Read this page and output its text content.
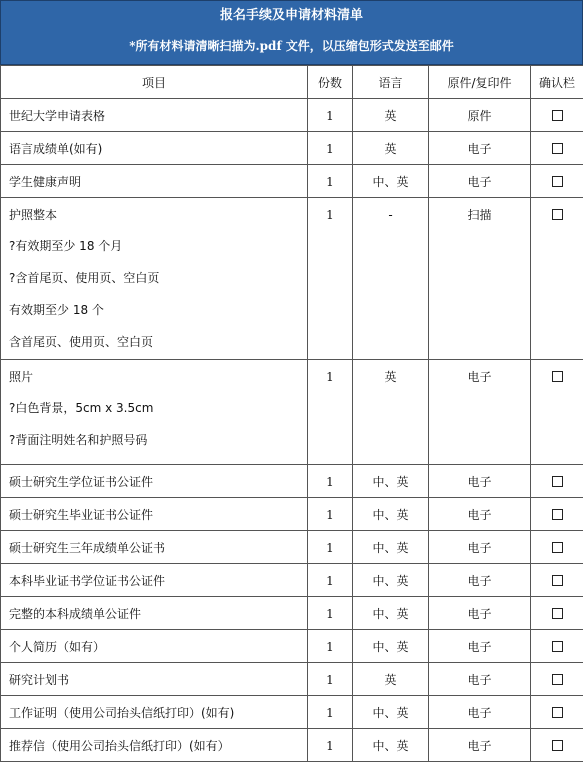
报名手续及申请材料清单
*所有材料请清晰扫描为.pdf 文件，以压缩包形式发送至邮件
项目	份数	语言	原件/复印件	确认栏

世纪大学申请表格	1	英	原件	

语言成绩单(如有)	1	英	电子	

学生健康声明	1	中、英	电子	

护照整本
?有效期至少 18 个月
?含首尾页、使用页、空白页
有效期至少 18 个
含首尾页、使用页、空白页	1	-	扫描	

照片
?白色背景，5cm x 3.5cm
?背面注明姓名和护照号码	1	英	电子	

硕士研究生学位证书公证件	1	中、英	电子	

硕士研究生毕业证书公证件	1	中、英	电子	

硕士研究生三年成绩单公证书	1	中、英	电子	

本科毕业证书学位证书公证件	1	中、英	电子	

完整的本科成绩单公证件	1	中、英	电子	

个人简历（如有）	1	中、英	电子	

研究计划书	1	英	电子	

工作证明（使用公司抬头信纸打印）(如有)	1	中、英	电子	

推荐信（使用公司抬头信纸打印）(如有）	1	中、英	电子	
